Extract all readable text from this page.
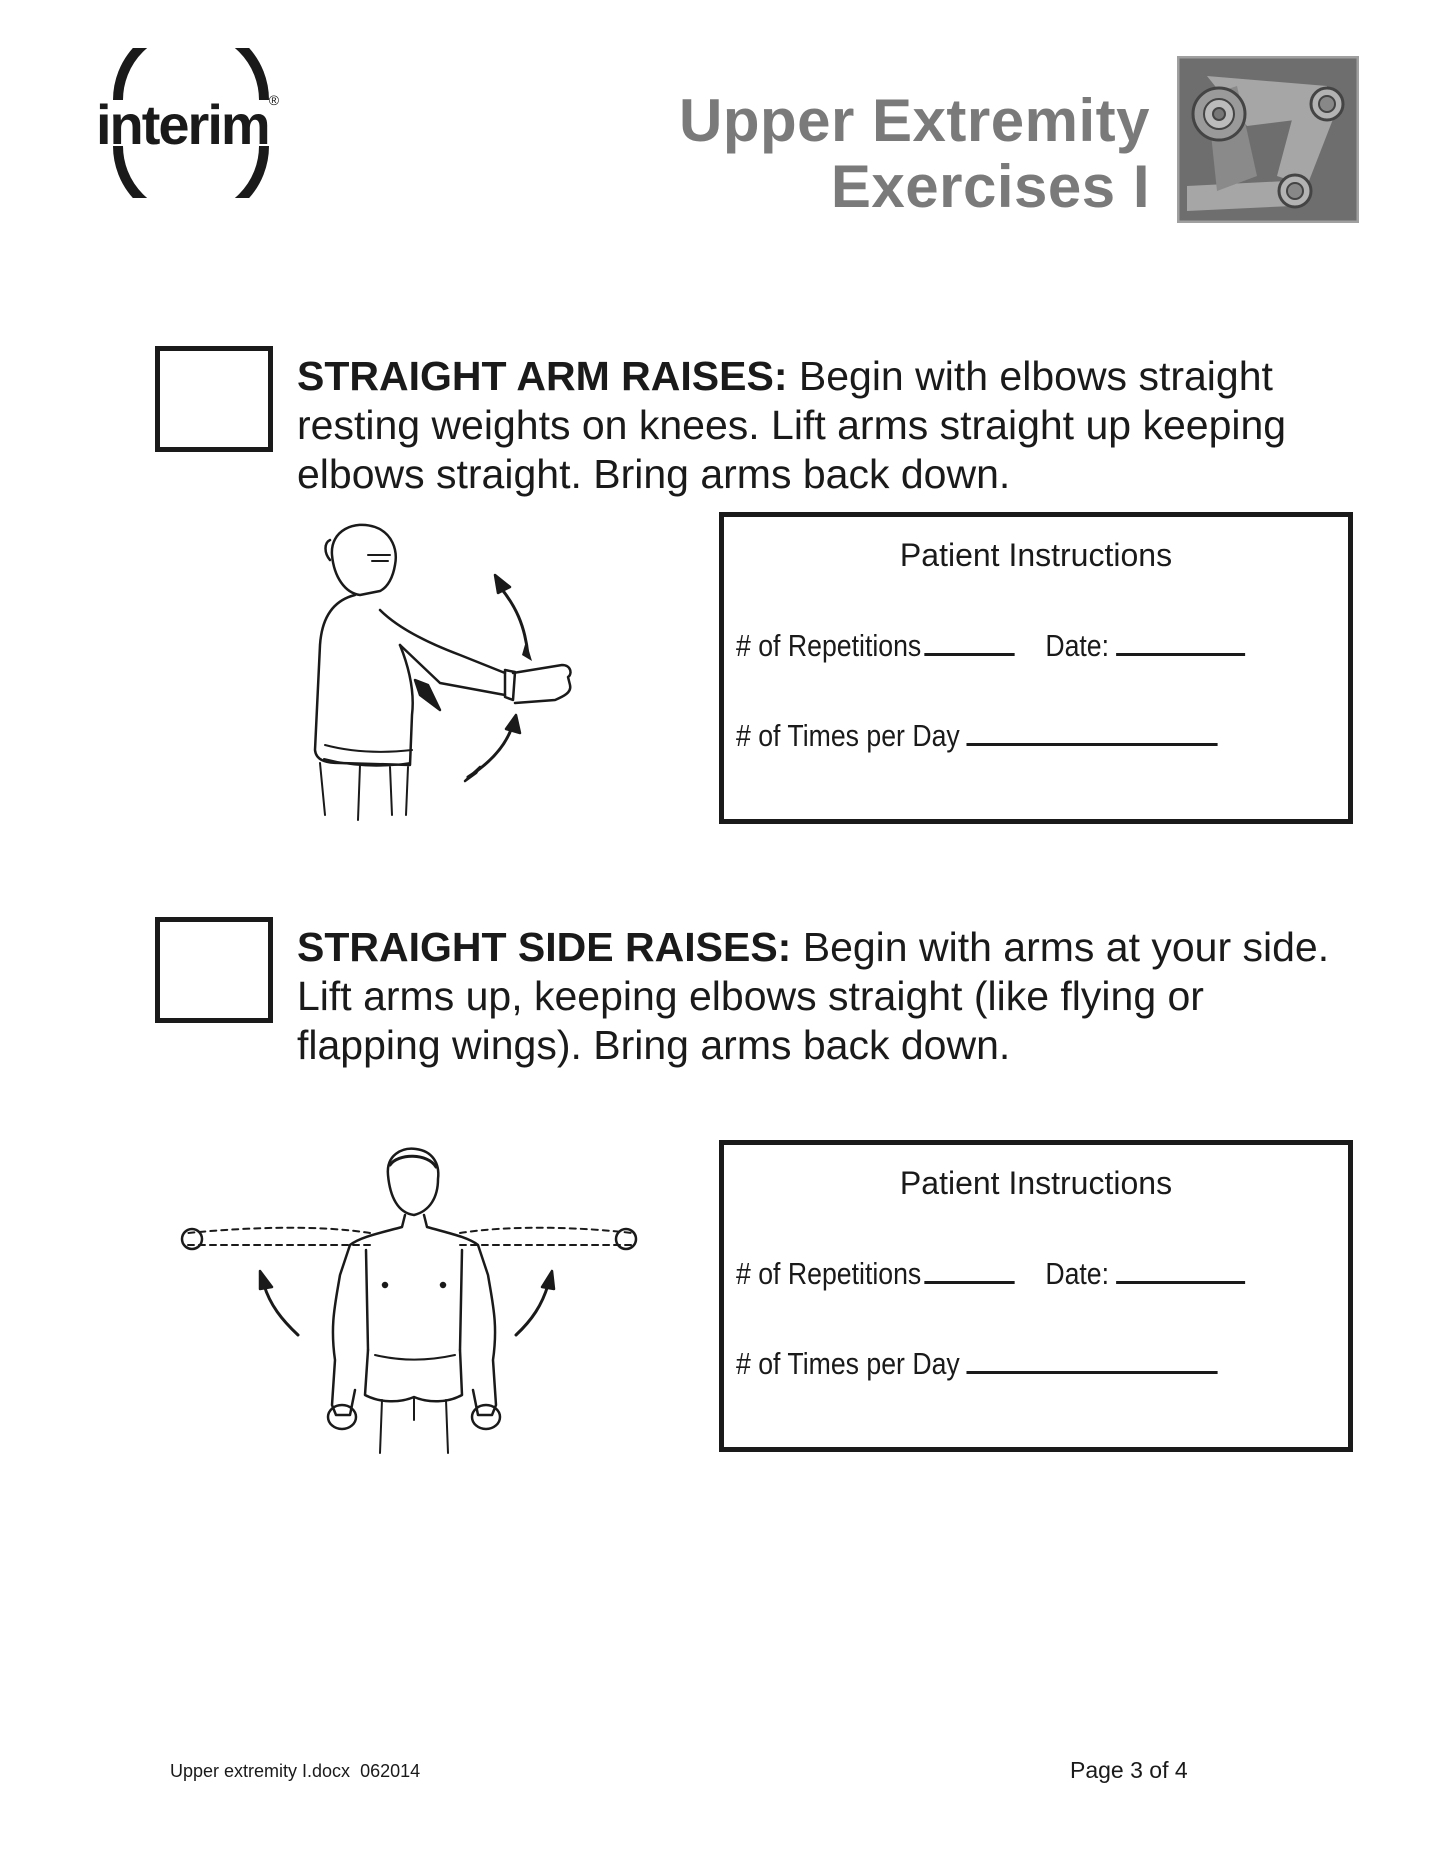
interim®	Upper Extremity
Exercises I
STRAIGHT ARM RAISES: Begin with elbows straight resting weights on knees. Lift arms straight up keeping elbows straight. Bring arms back down.
Patient Instructions
# of Repetitions	Date:
# of Times per Day
STRAIGHT SIDE RAISES: Begin with arms at your side. Lift arms up, keeping elbows straight (like flying or flapping wings). Bring arms back down.
Patient Instructions
# of Repetitions	Date:
# of Times per Day
Upper extremity I.docx  062014	Page 3 of 4
